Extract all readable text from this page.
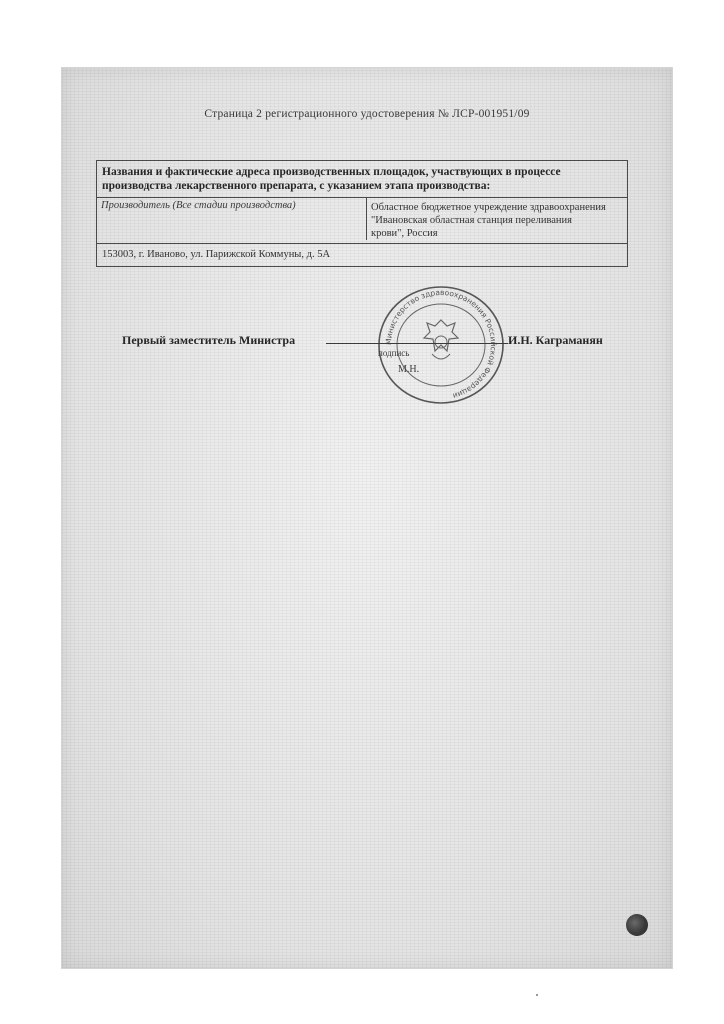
Страница 2 регистрационного удостоверения № ЛСР-001951/09
Названия и фактические адреса производственных площадок, участвующих в процессе производства лекарственного препарата, с указанием этапа производства:
Производитель (Все стадии производства)	Областное бюджетное учреждение здравоохранения
"Ивановская областная станция переливания
крови", Россия
153003, г. Иваново, ул. Парижской Коммуны, д. 5А
Министерство здравоохранения Российской Федерации
Первый заместитель Министра	И.Н. Каграманян
подпись
М.Н.
